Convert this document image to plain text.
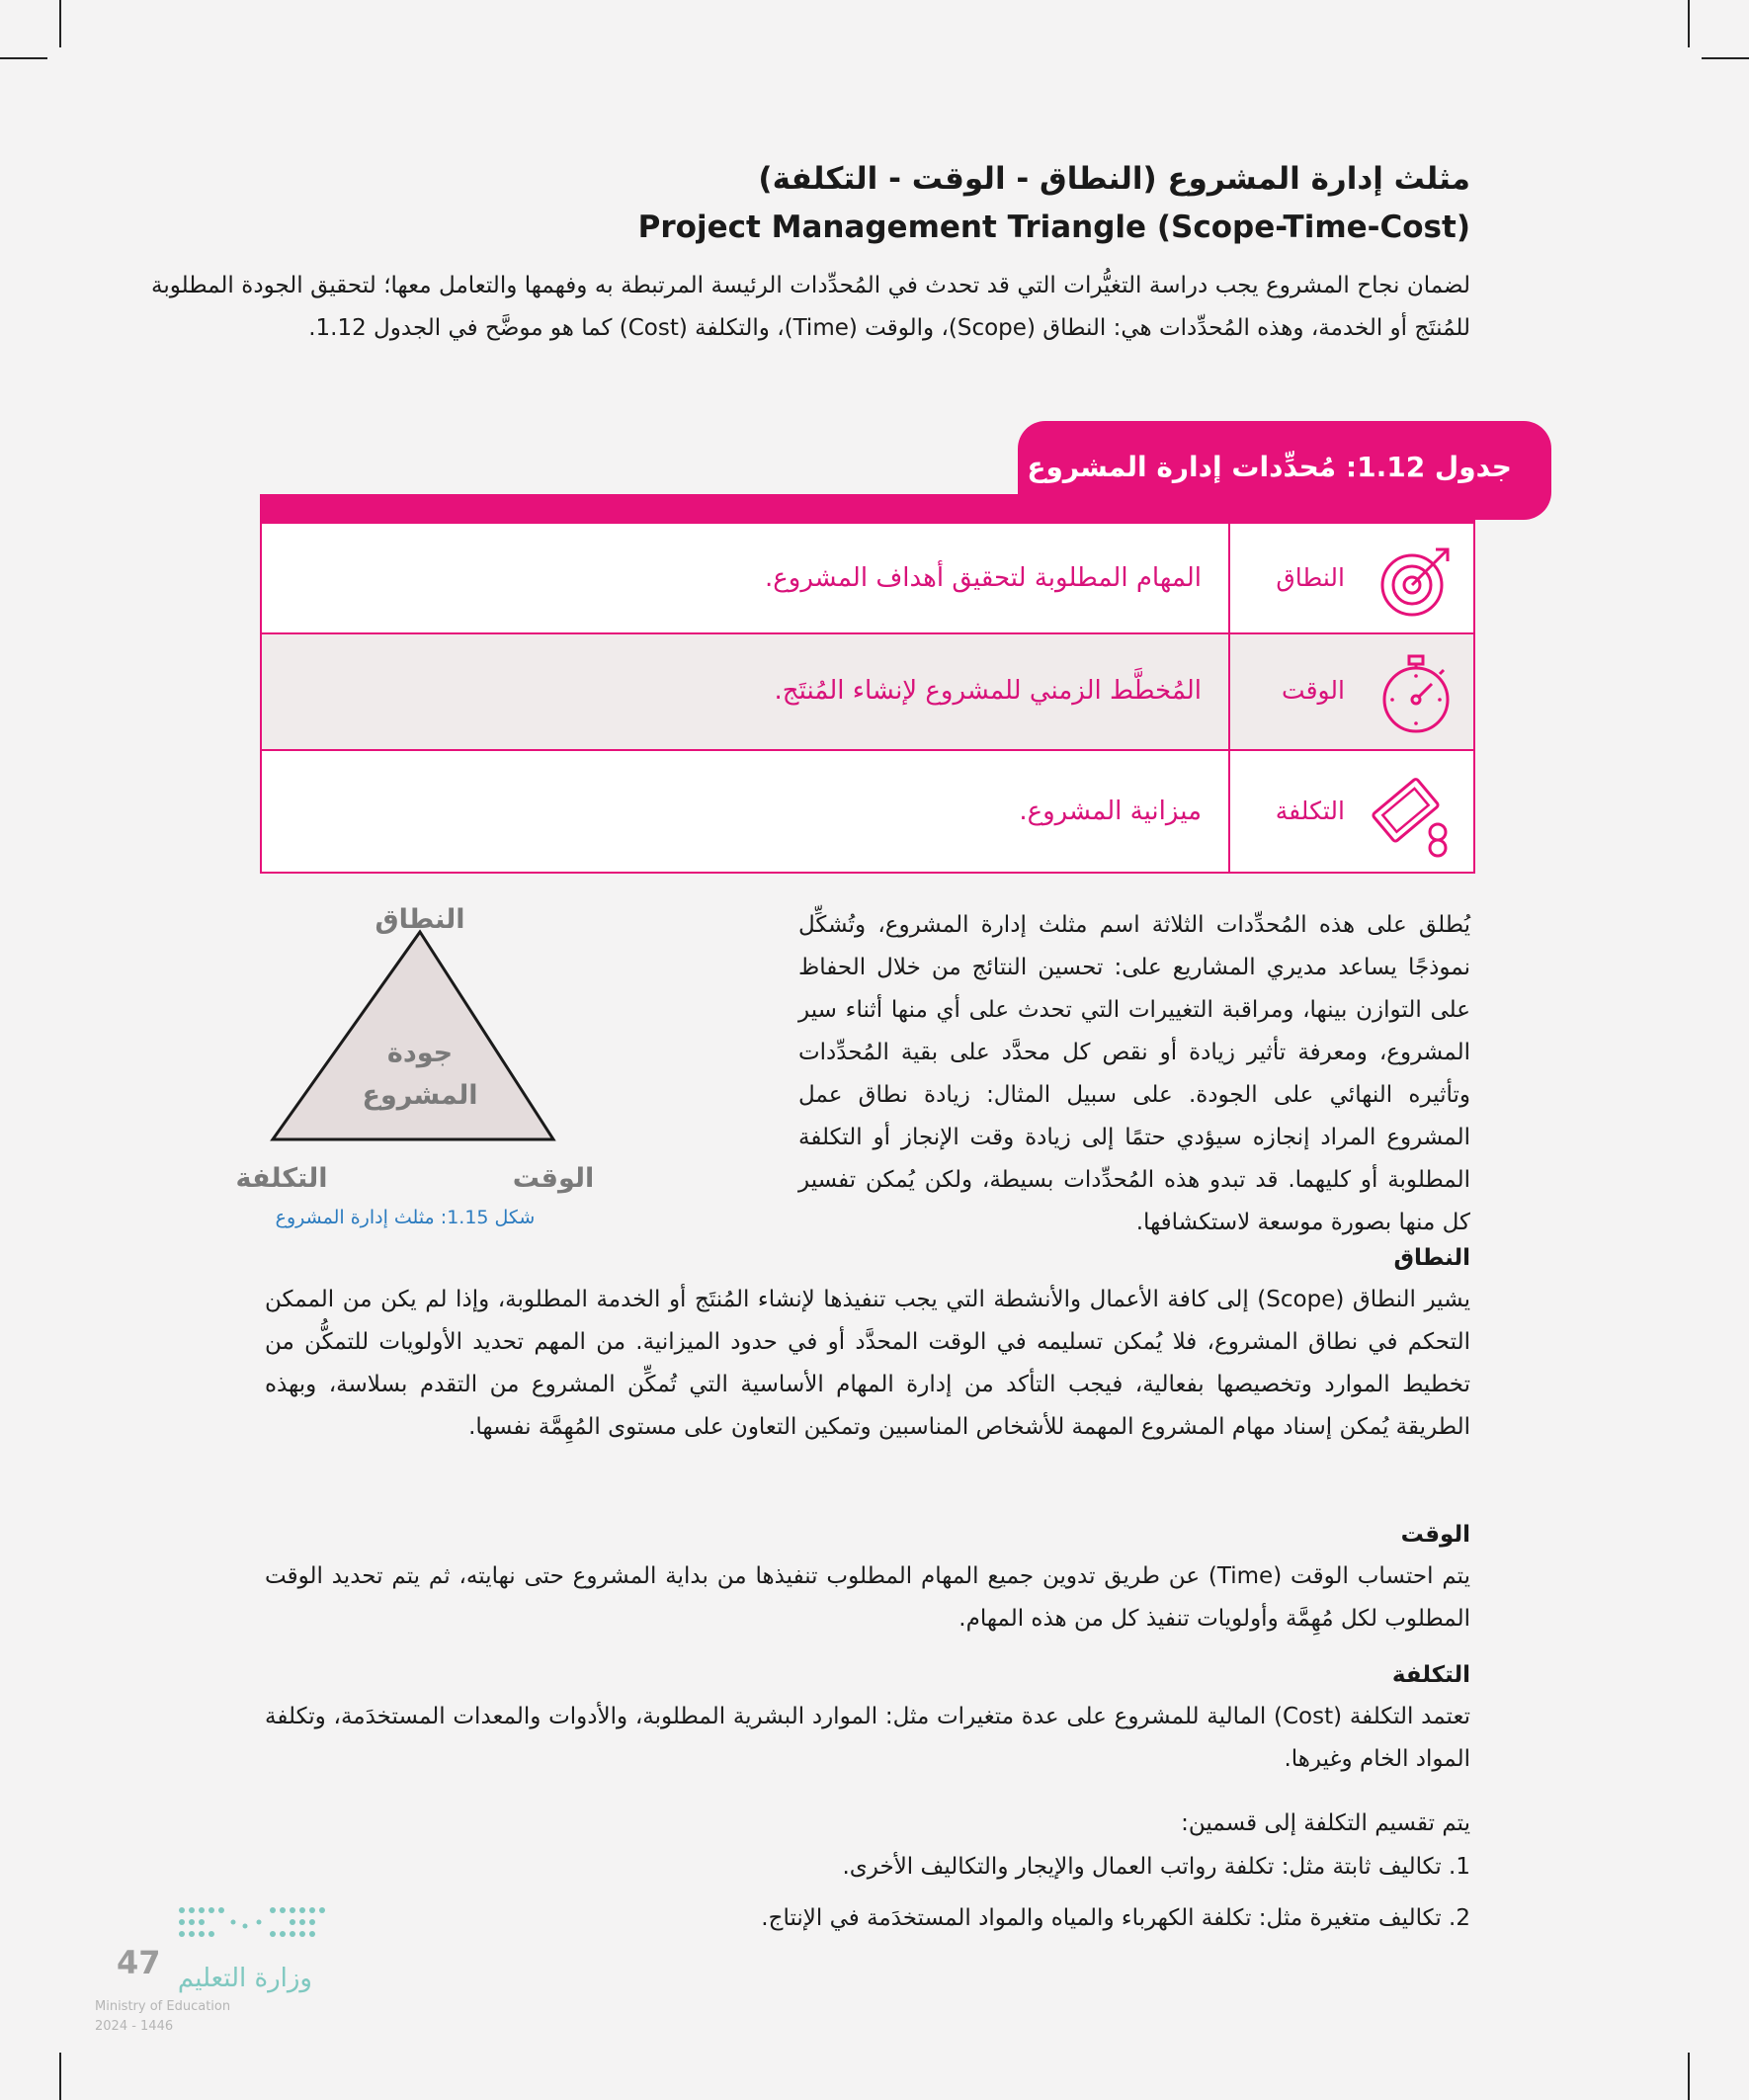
مثلث إدارة المشروع (النطاق - الوقت - التكلفة)
Project Management Triangle (Scope-Time-Cost)
لضمان نجاح المشروع يجب دراسة التغيُّرات التي قد تحدث في المُحدِّدات الرئيسة المرتبطة به وفهمها والتعامل معها؛ لتحقيق الجودة المطلوبة للمُنتَج أو الخدمة، وهذه المُحدِّدات هي: النطاق (Scope)، والوقت (Time)، والتكلفة (Cost) كما هو موضَّح في الجدول 1.12.
النطاق
المهام المطلوبة لتحقيق أهداف المشروع.
الوقت
المُخطَّط الزمني للمشروع لإنشاء المُنتَج.
التكلفة
ميزانية المشروع.
جدول 1.12: مُحدِّدات إدارة المشروع
يُطلق على هذه المُحدِّدات الثلاثة اسم مثلث إدارة المشروع، وتُشكِّل نموذجًا يساعد مديري المشاريع على: تحسين النتائج من خلال الحفاظ على التوازن بينها، ومراقبة التغييرات التي تحدث على أي منها أثناء سير المشروع، ومعرفة تأثير زيادة أو نقص كل محدَّد على بقية المُحدِّدات وتأثيره النهائي على الجودة. على سبيل المثال: زيادة نطاق عمل المشروع المراد إنجازه سيؤدي حتمًا إلى زيادة وقت الإنجاز أو التكلفة المطلوبة أو كليهما. قد تبدو هذه المُحدِّدات بسيطة، ولكن يُمكن تفسير كل منها بصورة موسعة لاستكشافها.
النطاق
جودة
المشروع
التكلفة	الوقت
شكل 1.15: مثلث إدارة المشروع
النطاق
يشير النطاق (Scope) إلى كافة الأعمال والأنشطة التي يجب تنفيذها لإنشاء المُنتَج أو الخدمة المطلوبة، وإذا لم يكن من الممكن التحكم في نطاق المشروع، فلا يُمكن تسليمه في الوقت المحدَّد أو في حدود الميزانية. من المهم تحديد الأولويات للتمكُّن من تخطيط الموارد وتخصيصها بفعالية، فيجب التأكد من إدارة المهام الأساسية التي تُمكِّن المشروع من التقدم بسلاسة، وبهذه الطريقة يُمكن إسناد مهام المشروع المهمة للأشخاص المناسبين وتمكين التعاون على مستوى المُهِمَّة نفسها.
الوقت
يتم احتساب الوقت (Time) عن طريق تدوين جميع المهام المطلوب تنفيذها من بداية المشروع حتى نهايته، ثم يتم تحديد الوقت المطلوب لكل مُهِمَّة وأولويات تنفيذ كل من هذه المهام.
التكلفة
تعتمد التكلفة (Cost) المالية للمشروع على عدة متغيرات مثل: الموارد البشرية المطلوبة، والأدوات والمعدات المستخدَمة، وتكلفة المواد الخام وغيرها.
يتم تقسيم التكلفة إلى قسمين:
1. تكاليف ثابتة مثل: تكلفة رواتب العمال والإيجار والتكاليف الأخرى.
2. تكاليف متغيرة مثل: تكلفة الكهرباء والمياه والمواد المستخدَمة في الإنتاج.
47 وزارة التعليم
Ministry of Education
2024 - 1446
